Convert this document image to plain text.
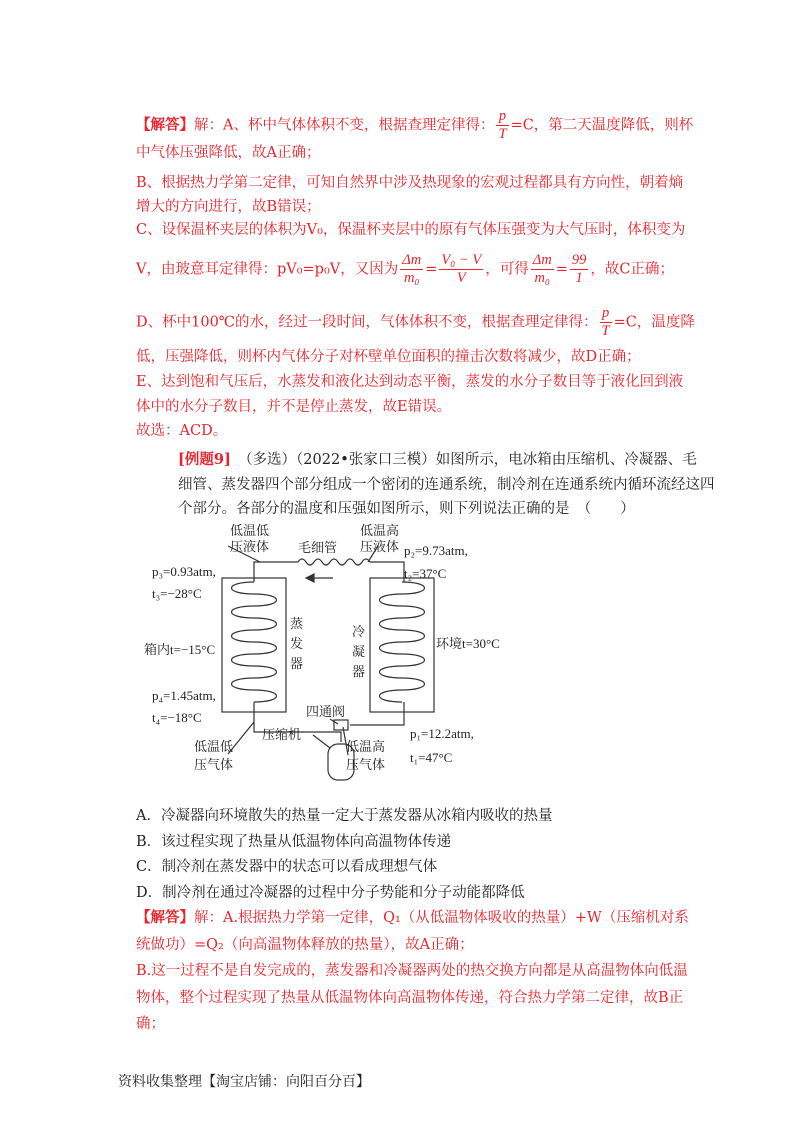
【解答】解：A、杯中气体体积不变，根据查理定律得： $\frac{p}{T} =C$，第二天温度降低，则杯
中气体压强降低，故A正确；
B、根据热力学第二定律，可知自然界中涉及热现象的宏观过程都具有方向性，朝着熵
增大的方向进行，故B错误；
C、设保温杯夹层的体积为V₀，保温杯夹层中的原有气体压强变为大气压时，体积变为
V，由玻意耳定律得：pV₀=p₀V，又因为 $\frac{\Delta m}{\text{m₀}} = \frac{\text{V₀ − V}}{V}$ ，可得 $\frac{\Delta m}{\text{m₀}} = \frac{99}{1}$ ，故C正确；
D、杯中100℃的水，经过一段时间，气体体积不变，根据查理定律得： $\frac{p}{T} =C$，温度降
低，压强降低，则杯内气体分子对杯壁单位面积的撞击次数将减少，故D正确；
E、达到饱和气压后，水蒸发和液化达到动态平衡，蒸发的水分子数目等于液化回到液
体中的水分子数目，并不是停止蒸发，故E错误。
故选：ACD。
[例题9]　 （多选）（2022•张家口三模）如图所示，电冰箱由压缩机、冷凝器、毛
细管、蒸发器四个部分组成一个密闭的连通系统，制冷剂在连通系统内循环流经这四
个部分。各部分的温度和压强如图所示，则下列说法正确的是　（　　）
低温低
压液体 毛细管
低温高
压液体
p₃=0.93atm,
t₃=−28°C
p₂=9.73atm,
t₂=37°C
箱内t=−15°C	环境t=30°C
蒸
发
器
冷
凝
器
p₄=1.45atm,
t₄=−18°C	四通阀
压缩机
低温低
压气体
低温高
压气体
p₁=12.2atm,
t₁=47°C
A．冷凝器向环境散失的热量一定大于蒸发器从冰箱内吸收的热量
B．该过程实现了热量从低温物体向高温物体传递
C．制冷剂在蒸发器中的状态可以看成理想气体
D．制冷剂在通过冷凝器的过程中分子势能和分子动能都降低
【解答】解：A.根据热力学第一定律，Q₁（从低温物体吸收的热量）+W（压缩机对系
统做功）=Q₂（向高温物体释放的热量），故A正确；
B.这一过程不是自发完成的，蒸发器和冷凝器两处的热交换方向都是从高温物体向低温
物体，整个过程实现了热量从低温物体向高温物体传递，符合热力学第二定律，故B正
确；
资料收集整理【淘宝店铺：向阳百分百】
